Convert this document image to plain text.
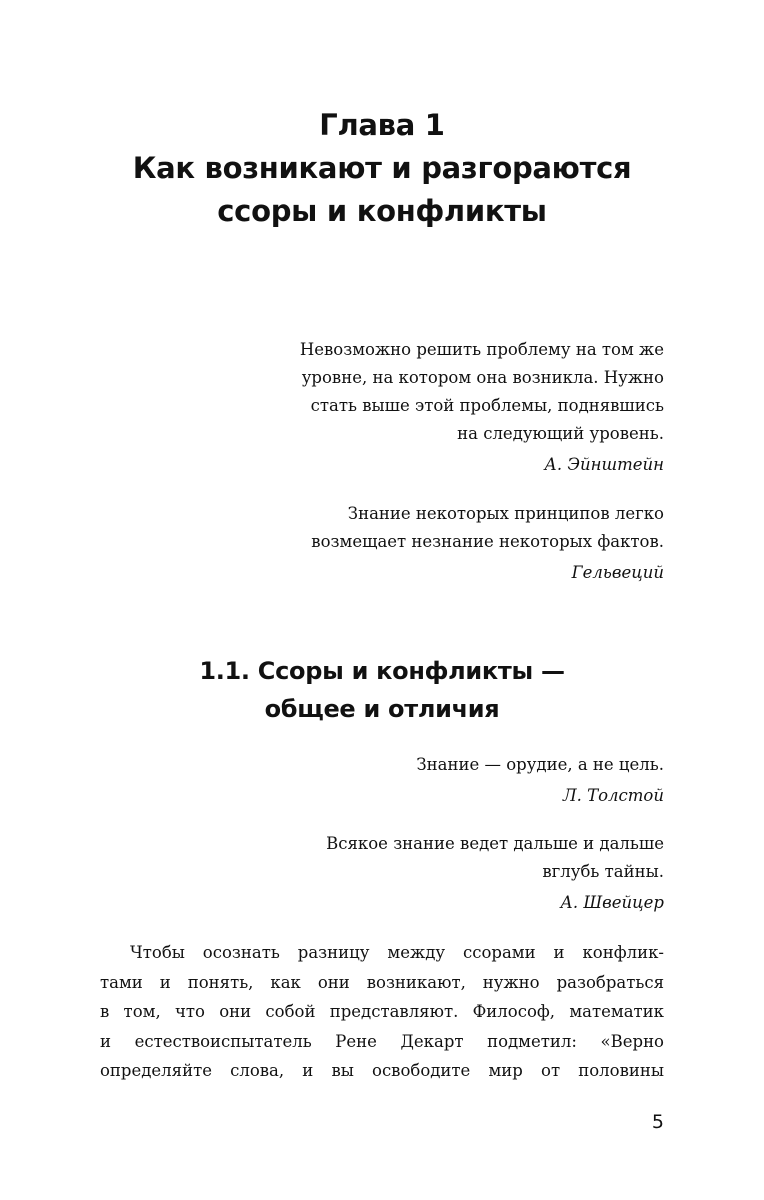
Глава 1
Как возникают и разгораются
ссоры и конфликты
Невозможно решить проблему на том же
уровне, на котором она возникла. Нужно
стать выше этой проблемы, поднявшись
на следующий уровень.
А. Эйнштейн
Знание некоторых принципов легко
возмещает незнание некоторых фактов.
Гельвеций
1.1. Ссоры и конфликты —
общее и отличия
Знание — орудие, а не цель.
Л. Толстой
Всякое знание ведет дальше и дальше
вглубь тайны.
А. Швейцер
Чтобы осознать разницу между ссорами и конфлик-
тами и понять, как они возникают, нужно разобраться
в том, что они собой представляют. Философ, математик
и естествоиспытатель Рене Декарт подметил: «Верно
определяйте слова, и вы освободите мир от половины
5
